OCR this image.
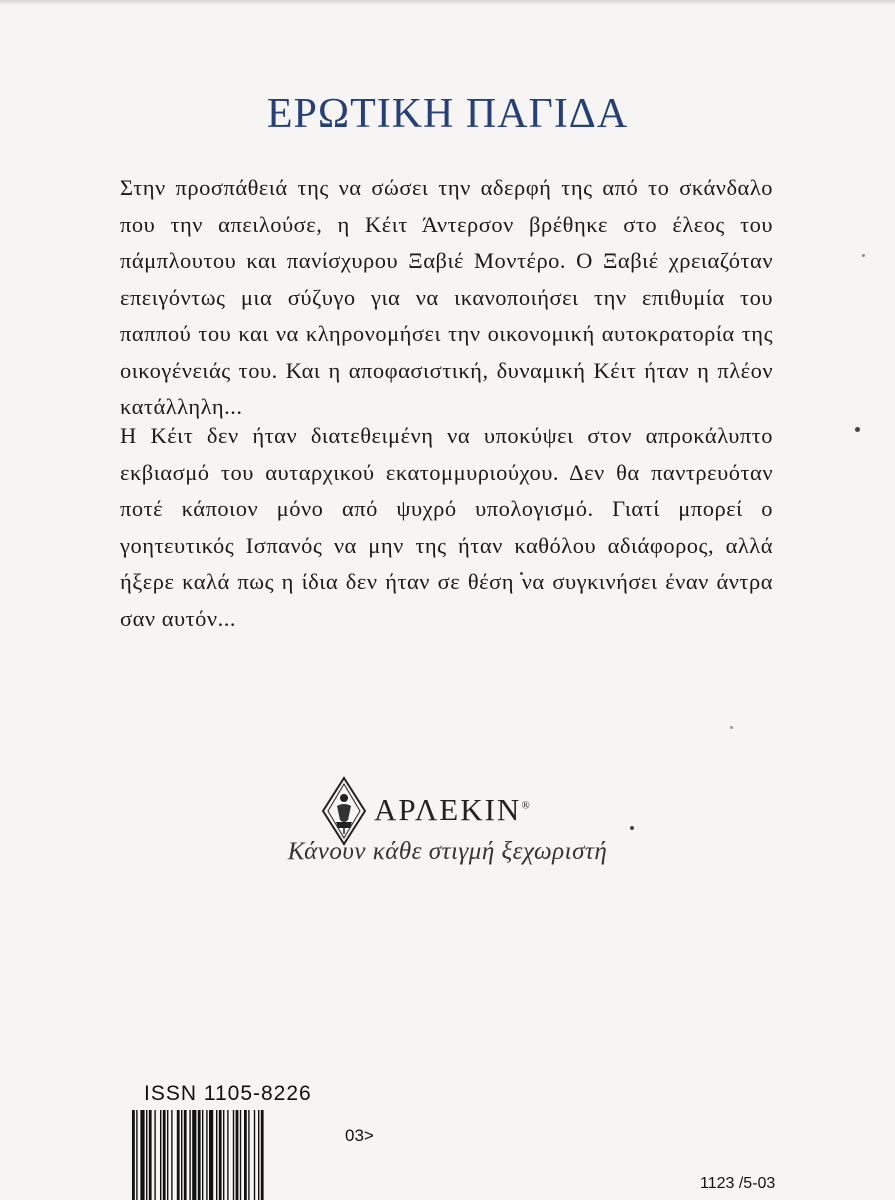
ΕΡΩΤΙΚΗ ΠΑΓΙΔΑ

Στην προσπάθειά της να σώσει την αδερφή της από το σκάνδαλο που την απειλούσε, η Κέιτ Άντερσον βρέθηκε στο έλεος του πάμπλουτου και πανίσχυρου Ξαβιέ Μοντέρο. Ο Ξαβιέ χρειαζόταν επειγόντως μια σύζυγο για να ικανοποιήσει την επιθυμία του παππού του και να κληρονομήσει την οικονομική αυτοκρατορία της οικογένειάς του. Και η αποφασιστική, δυναμική Κέιτ ήταν η πλέον κατάλληλη...

Η Κέιτ δεν ήταν διατεθειμένη να υποκύψει στον απροκάλυπτο εκβιασμό του αυταρχικού εκατομμυριούχου. Δεν θα παντρευόταν ποτέ κάποιον μόνο από ψυχρό υπολογισμό. Γιατί μπορεί ο γοητευτικός Ισπανός να μην της ήταν καθόλου αδιάφορος, αλλά ήξερε καλά πως η ίδια δεν ήταν σε θέση να συγκινήσει έναν άντρα σαν αυτόν...

ΑΡΛΕΚΙΝ®
Κάνουν κάθε στιγμή ξεχωριστή
ISSN 1105-8226
03>
1123 /5-03
